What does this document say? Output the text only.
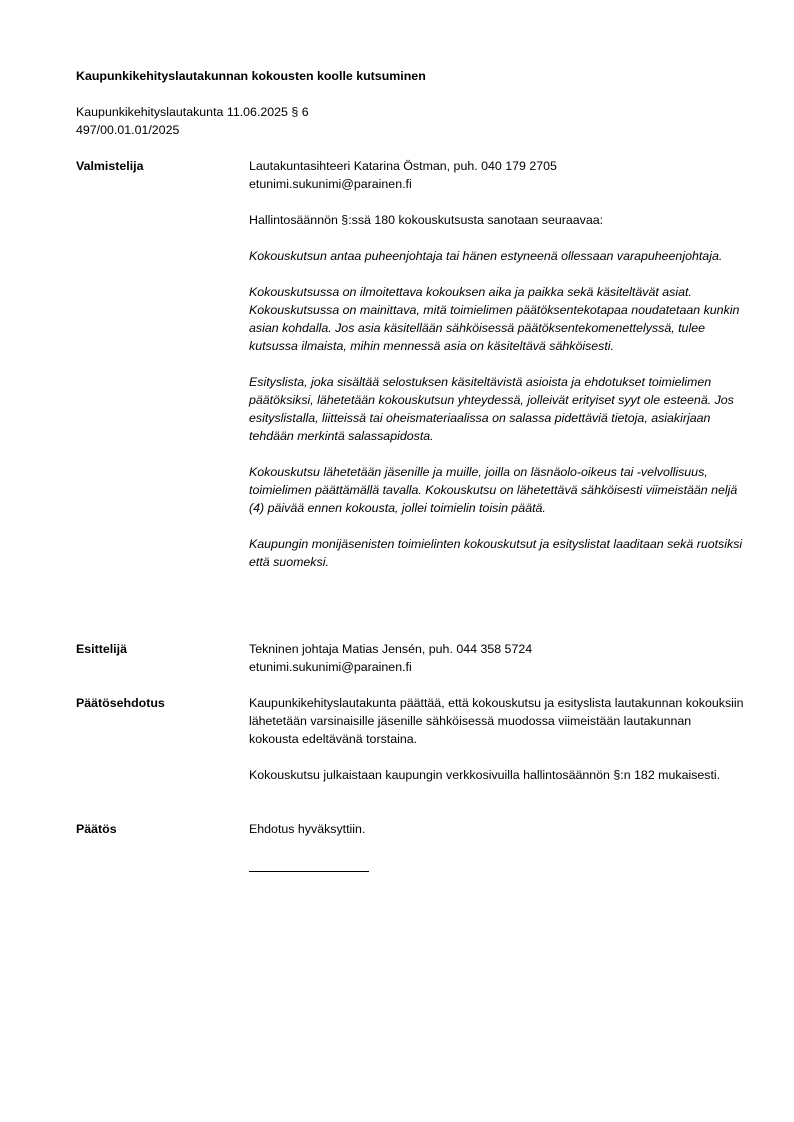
Kaupunkikehityslautakunnan kokousten koolle kutsuminen
Kaupunkikehityslautakunta 11.06.2025 § 6
497/00.01.01/2025
Valmistelija	Lautakuntasihteeri Katarina Östman, puh. 040 179 2705

etunimi.sukunimi@parainen.fi

Hallintosäännön §:ssä 180 kokouskutsusta sanotaan seuraavaa:

Kokouskutsun antaa puheenjohtaja tai hänen estyneenä ollessaan varapuheenjohtaja.

Kokouskutsussa on ilmoitettava kokouksen aika ja paikka sekä käsiteltävät asiat. Kokouskutsussa on mainittava, mitä toimielimen päätöksentekotapaa noudatetaan kunkin asian kohdalla. Jos asia käsitellään sähköisessä päätöksentekomenettelyssä, tulee kutsussa ilmaista, mihin mennessä asia on käsiteltävä sähköisesti.

Esityslista, joka sisältää selostuksen käsiteltävistä asioista ja ehdotukset toimielimen päätöksiksi, lähetetään kokouskutsun yhteydessä, jolleivät erityiset syyt ole esteenä. Jos esityslistalla, liitteissä tai oheismateriaalissa on salassa pidettäviä tietoja, asiakirjaan tehdään merkintä salassapidosta.

Kokouskutsu lähetetään jäsenille ja muille, joilla on läsnäolo-oikeus tai -velvollisuus, toimielimen päättämällä tavalla. Kokouskutsu on lähetettävä sähköisesti viimeistään neljä (4) päivää ennen kokousta, jollei toimielin toisin päätä.

Kaupungin monijäsenisten toimielinten kokouskutsut ja esityslistat laaditaan sekä ruotsiksi että suomeksi.

Esittelijä	Tekninen johtaja Matias Jensén, puh. 044 358 5724

etunimi.sukunimi@parainen.fi

Päätösehdotus	Kaupunkikehityslautakunta päättää, että kokouskutsu ja esityslista lautakunnan kokouksiin lähetetään varsinaisille jäsenille sähköisessä muodossa viimeistään lautakunnan kokousta edeltävänä torstaina.

Kokouskutsu julkaistaan kaupungin verkkosivuilla hallintosäännön §:n 182 mukaisesti.

Päätös	Ehdotus hyväksyttiin.
